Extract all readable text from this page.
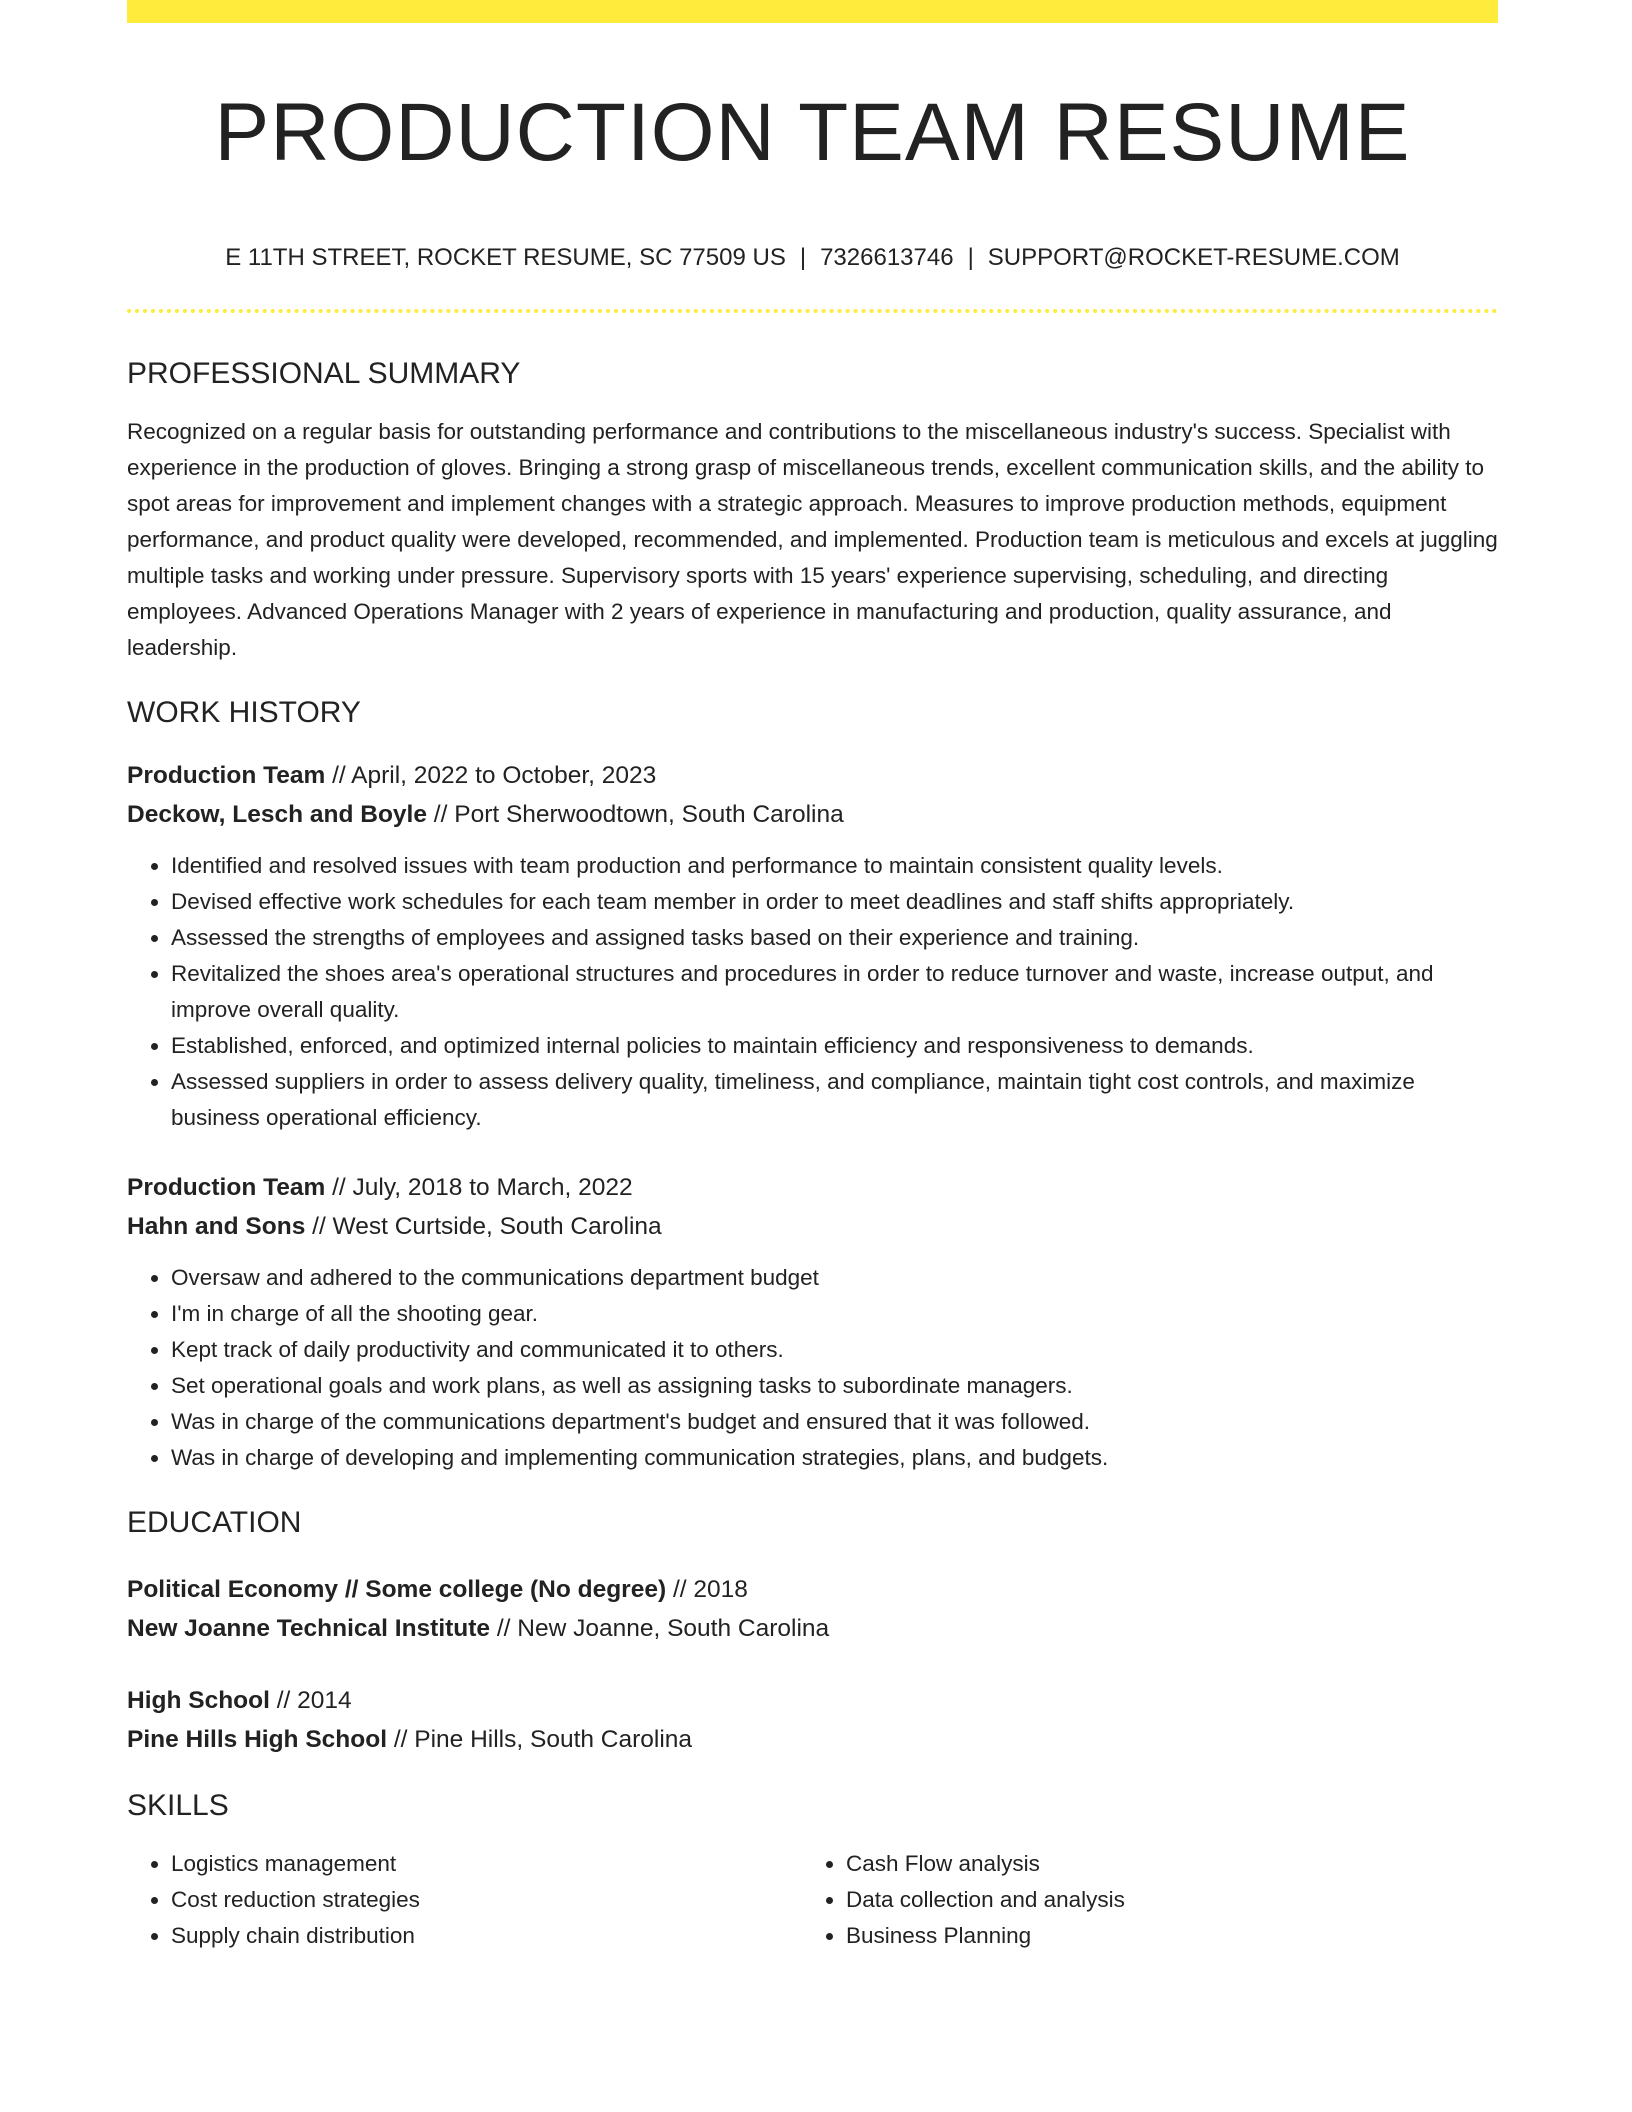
PRODUCTION TEAM RESUME
E 11TH STREET, ROCKET RESUME, SC 77509 US | 7326613746 | SUPPORT@ROCKET-RESUME.COM
PROFESSIONAL SUMMARY
Recognized on a regular basis for outstanding performance and contributions to the miscellaneous industry's success. Specialist with experience in the production of gloves. Bringing a strong grasp of miscellaneous trends, excellent communication skills, and the ability to spot areas for improvement and implement changes with a strategic approach. Measures to improve production methods, equipment performance, and product quality were developed, recommended, and implemented. Production team is meticulous and excels at juggling multiple tasks and working under pressure. Supervisory sports with 15 years' experience supervising, scheduling, and directing employees. Advanced Operations Manager with 2 years of experience in manufacturing and production, quality assurance, and leadership.
WORK HISTORY
Production Team // April, 2022 to October, 2023
Deckow, Lesch and Boyle // Port Sherwoodtown, South Carolina
• Identified and resolved issues with team production and performance to maintain consistent quality levels.
• Devised effective work schedules for each team member in order to meet deadlines and staff shifts appropriately.
• Assessed the strengths of employees and assigned tasks based on their experience and training.
• Revitalized the shoes area's operational structures and procedures in order to reduce turnover and waste, increase output, and improve overall quality.
• Established, enforced, and optimized internal policies to maintain efficiency and responsiveness to demands.
• Assessed suppliers in order to assess delivery quality, timeliness, and compliance, maintain tight cost controls, and maximize business operational efficiency.
Production Team // July, 2018 to March, 2022
Hahn and Sons // West Curtside, South Carolina
• Oversaw and adhered to the communications department budget
• I'm in charge of all the shooting gear.
• Kept track of daily productivity and communicated it to others.
• Set operational goals and work plans, as well as assigning tasks to subordinate managers.
• Was in charge of the communications department's budget and ensured that it was followed.
• Was in charge of developing and implementing communication strategies, plans, and budgets.
EDUCATION
Political Economy // Some college (No degree) // 2018
New Joanne Technical Institute // New Joanne, South Carolina
High School // 2014
Pine Hills High School // Pine Hills, South Carolina
SKILLS
• Logistics management
• Cost reduction strategies
• Supply chain distribution
• Cash Flow analysis
• Data collection and analysis
• Business Planning
